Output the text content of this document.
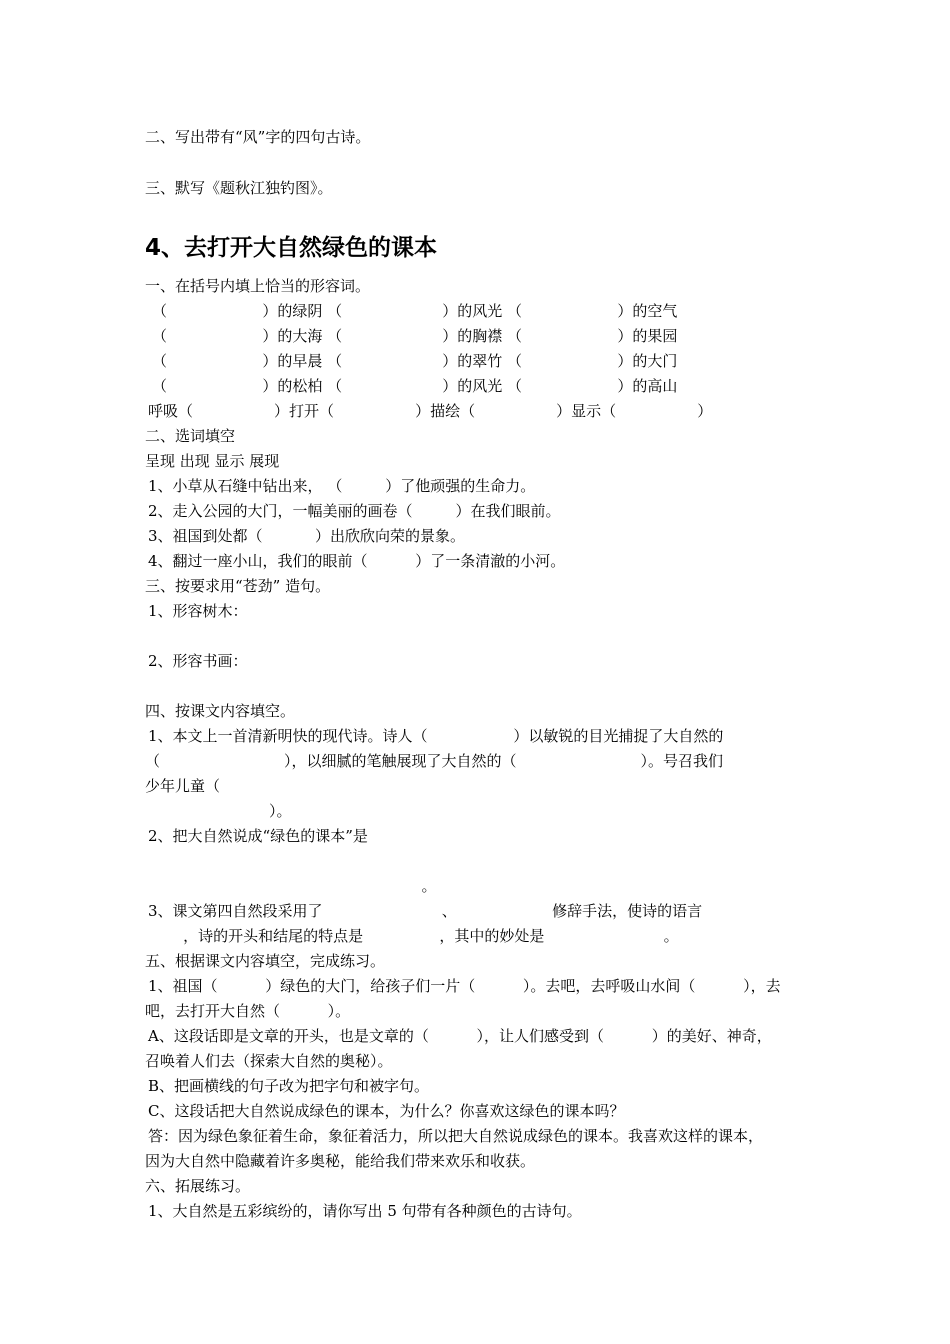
二、写出带有“风”字的四句古诗。
三、默写《题秋江独钓图》。
4、去打开大自然绿色的课本
一、在括号内填上恰当的形容词。
（                    ）的绿阴 （                     ）的风光 （                    ）的空气
（                    ）的大海 （                     ）的胸襟 （                    ）的果园
（                    ）的早晨 （                     ）的翠竹 （                    ）的大门
（                    ）的松柏 （                     ）的风光 （                    ）的高山
呼吸（                 ）打开（                 ）描绘（                 ）显示（                 ）
二、选词填空
呈现 出现 显示 展现
1、小草从石缝中钻出来， （         ）了他顽强的生命力。
2、走入公园的大门，一幅美丽的画卷（         ）在我们眼前。
3、祖国到处都（           ）出欣欣向荣的景象。
4、翻过一座小山，我们的眼前（          ）了一条清澈的小河。
三、按要求用“苍劲” 造句。
1、形容树木：
2、形容书画：
四、按课文内容填空。
1、本文上一首清新明快的现代诗。诗人（                  ）以敏锐的目光捕捉了大自然的
（                          ），以细腻的笔触展现了大自然的（                          ）。号召我们
少年儿童（
）。
2、把大自然说成“绿色的课本”是
。
3、课文第四自然段采用了                         、                    修辞手法，使诗的语言
，诗的开头和结尾的特点是                ，其中的妙处是                         。
五、根据课文内容填空，完成练习。
1、祖国（          ）绿色的大门，给孩子们一片（          ）。去吧，去呼吸山水间（          ），去
吧，去打开大自然（          ）。
A、这段话即是文章的开头，也是文章的（          ），让人们感受到（          ）的美好、神奇，
召唤着人们去（探索大自然的奥秘）。
B、把画横线的句子改为把字句和被字句。
C、这段话把大自然说成绿色的课本，为什么？你喜欢这绿色的课本吗？
答：因为绿色象征着生命，象征着活力，所以把大自然说成绿色的课本。我喜欢这样的课本，
因为大自然中隐藏着许多奥秘，能给我们带来欢乐和收获。
六、拓展练习。
1、大自然是五彩缤纷的，请你写出 5 句带有各种颜色的古诗句。
